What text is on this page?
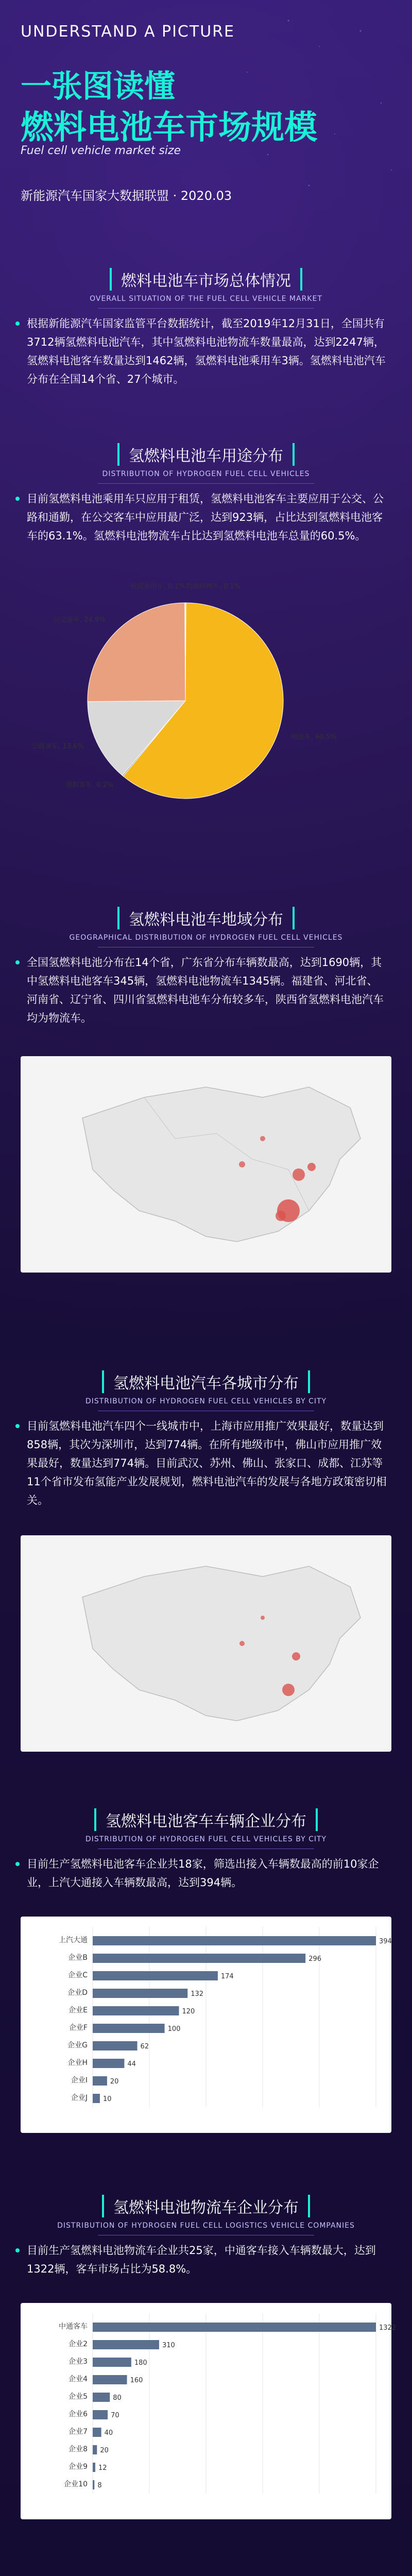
UNDERSTAND A PICTURE
一张图读懂
燃料电池车市场规模
Fuel cell vehicle market size
新能源汽车国家大数据联盟 · 2020.03
燃料电池车市场总体情况
OVERALL SITUATION OF THE FUEL CELL VEHICLE MARKET
根据新能源汽车国家监管平台数据统计，截至2019年12月31日，全国共有3712辆氢燃料电池汽车，其中氢燃料电池物流车数量最高，达到2247辆，氢燃料电池客车数量达到1462辆，氢燃料电池乘用车3辆。氢燃料电池汽车分布在全国14个省、27个城市。
氢燃料电池车用途分布
DISTRIBUTION OF HYDROGEN FUEL CELL VEHICLES
目前氢燃料电池乘用车只应用于租赁，氢燃料电池客车主要应用于公交、公路和通勤，在公交客车中应用最广泛，达到923辆，占比达到氢燃料电池客车的63.1%。氢燃料电池物流车占比达到氢燃料电池车总量的60.5%。
物流特种车, 0.1%
物流车, 60.5%
通勤客车, 0.2%
公路客车, 13.6%
公交客车, 24.9%
租赁乘用车, 0.1%
氢燃料电池车地域分布
GEOGRAPHICAL DISTRIBUTION OF HYDROGEN FUEL CELL VEHICLES
全国氢燃料电池分布在14个省，广东省分布车辆数最高，达到1690辆，其中氢燃料电池客车345辆，氢燃料电池物流车1345辆。福建省、河北省、河南省、辽宁省、四川省氢燃料电池车分布较多车，陕西省氢燃料电池汽车均为物流车。
氢燃料电池汽车各城市分布
DISTRIBUTION OF HYDROGEN FUEL CELL VEHICLES BY CITY
目前氢燃料电池汽车四个一线城市中，上海市应用推广效果最好，数量达到858辆，其次为深圳市，达到774辆。在所有地级市中，佛山市应用推广效果最好，数量达到774辆。目前武汉、苏州、佛山、张家口、成都、江苏等11个省市发布氢能产业发展规划，燃料电池汽车的发展与各地方政策密切相关。
氢燃料电池客车车辆企业分布
DISTRIBUTION OF HYDROGEN FUEL CELL VEHICLES BY CITY
目前生产氢燃料电池客车企业共18家，筛选出接入车辆数最高的前10家企业，上汽大通接入车辆数最高，达到394辆。
上汽大通	394
企业B	296
企业C	174
企业D	132
企业E	120
企业F	100
企业G	62
企业H	44
企业I	20
企业J 10
氢燃料电池物流车企业分布
DISTRIBUTION OF HYDROGEN FUEL CELL LOGISTICS VEHICLE COMPANIES
目前生产氢燃料电池物流车企业共25家，中通客车接入车辆数最大，达到1322辆，客车市场占比为58.8%。
中通客车	1322
企业2	310
企业3	180
企业4	160
企业5	80
企业6	70
企业7	40
企业8 20
企业9 12
企业10 8
